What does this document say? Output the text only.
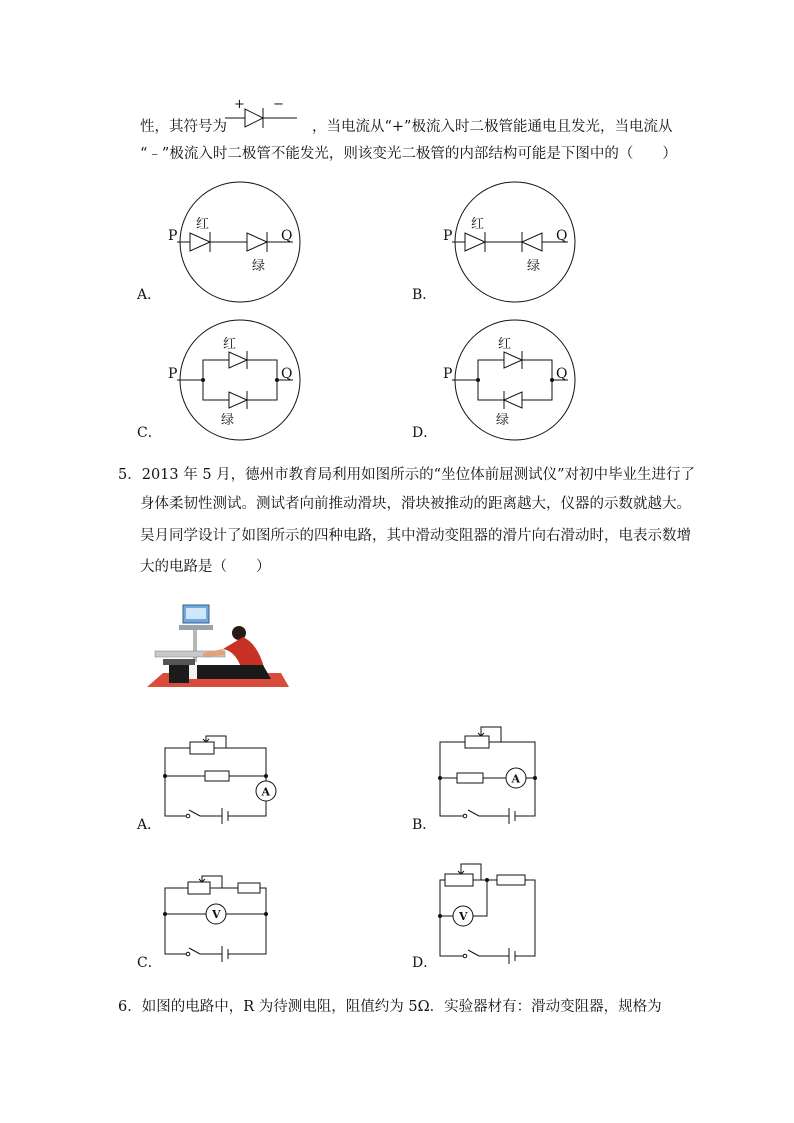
性，其符号为
+ −
，当电流从“+”极流入时二极管能通电且发光，当电流从
“﹣”极流入时二极管不能发光，则该变光二极管的内部结构可能是下图中的（　　）
P	Q
红
绿
A．
P	Q
红
绿
B．
P	Q
红
绿
C．
P	Q
红
绿
D．
5．2013 年 5 月，德州市教育局利用如图所示的“坐位体前屈测试仪”对初中毕业生进行了
身体柔韧性测试。测试者向前推动滑块，滑块被推动的距离越大，仪器的示数就越大。
吴月同学设计了如图所示的四种电路，其中滑动变阻器的滑片向右滑动时，电表示数增
大的电路是（　　）
A
A．
A
B．
V
C．
V
D．
6．如图的电路中，R 为待测电阻，阻值约为 5Ω．实验器材有：滑动变阻器，规格为
